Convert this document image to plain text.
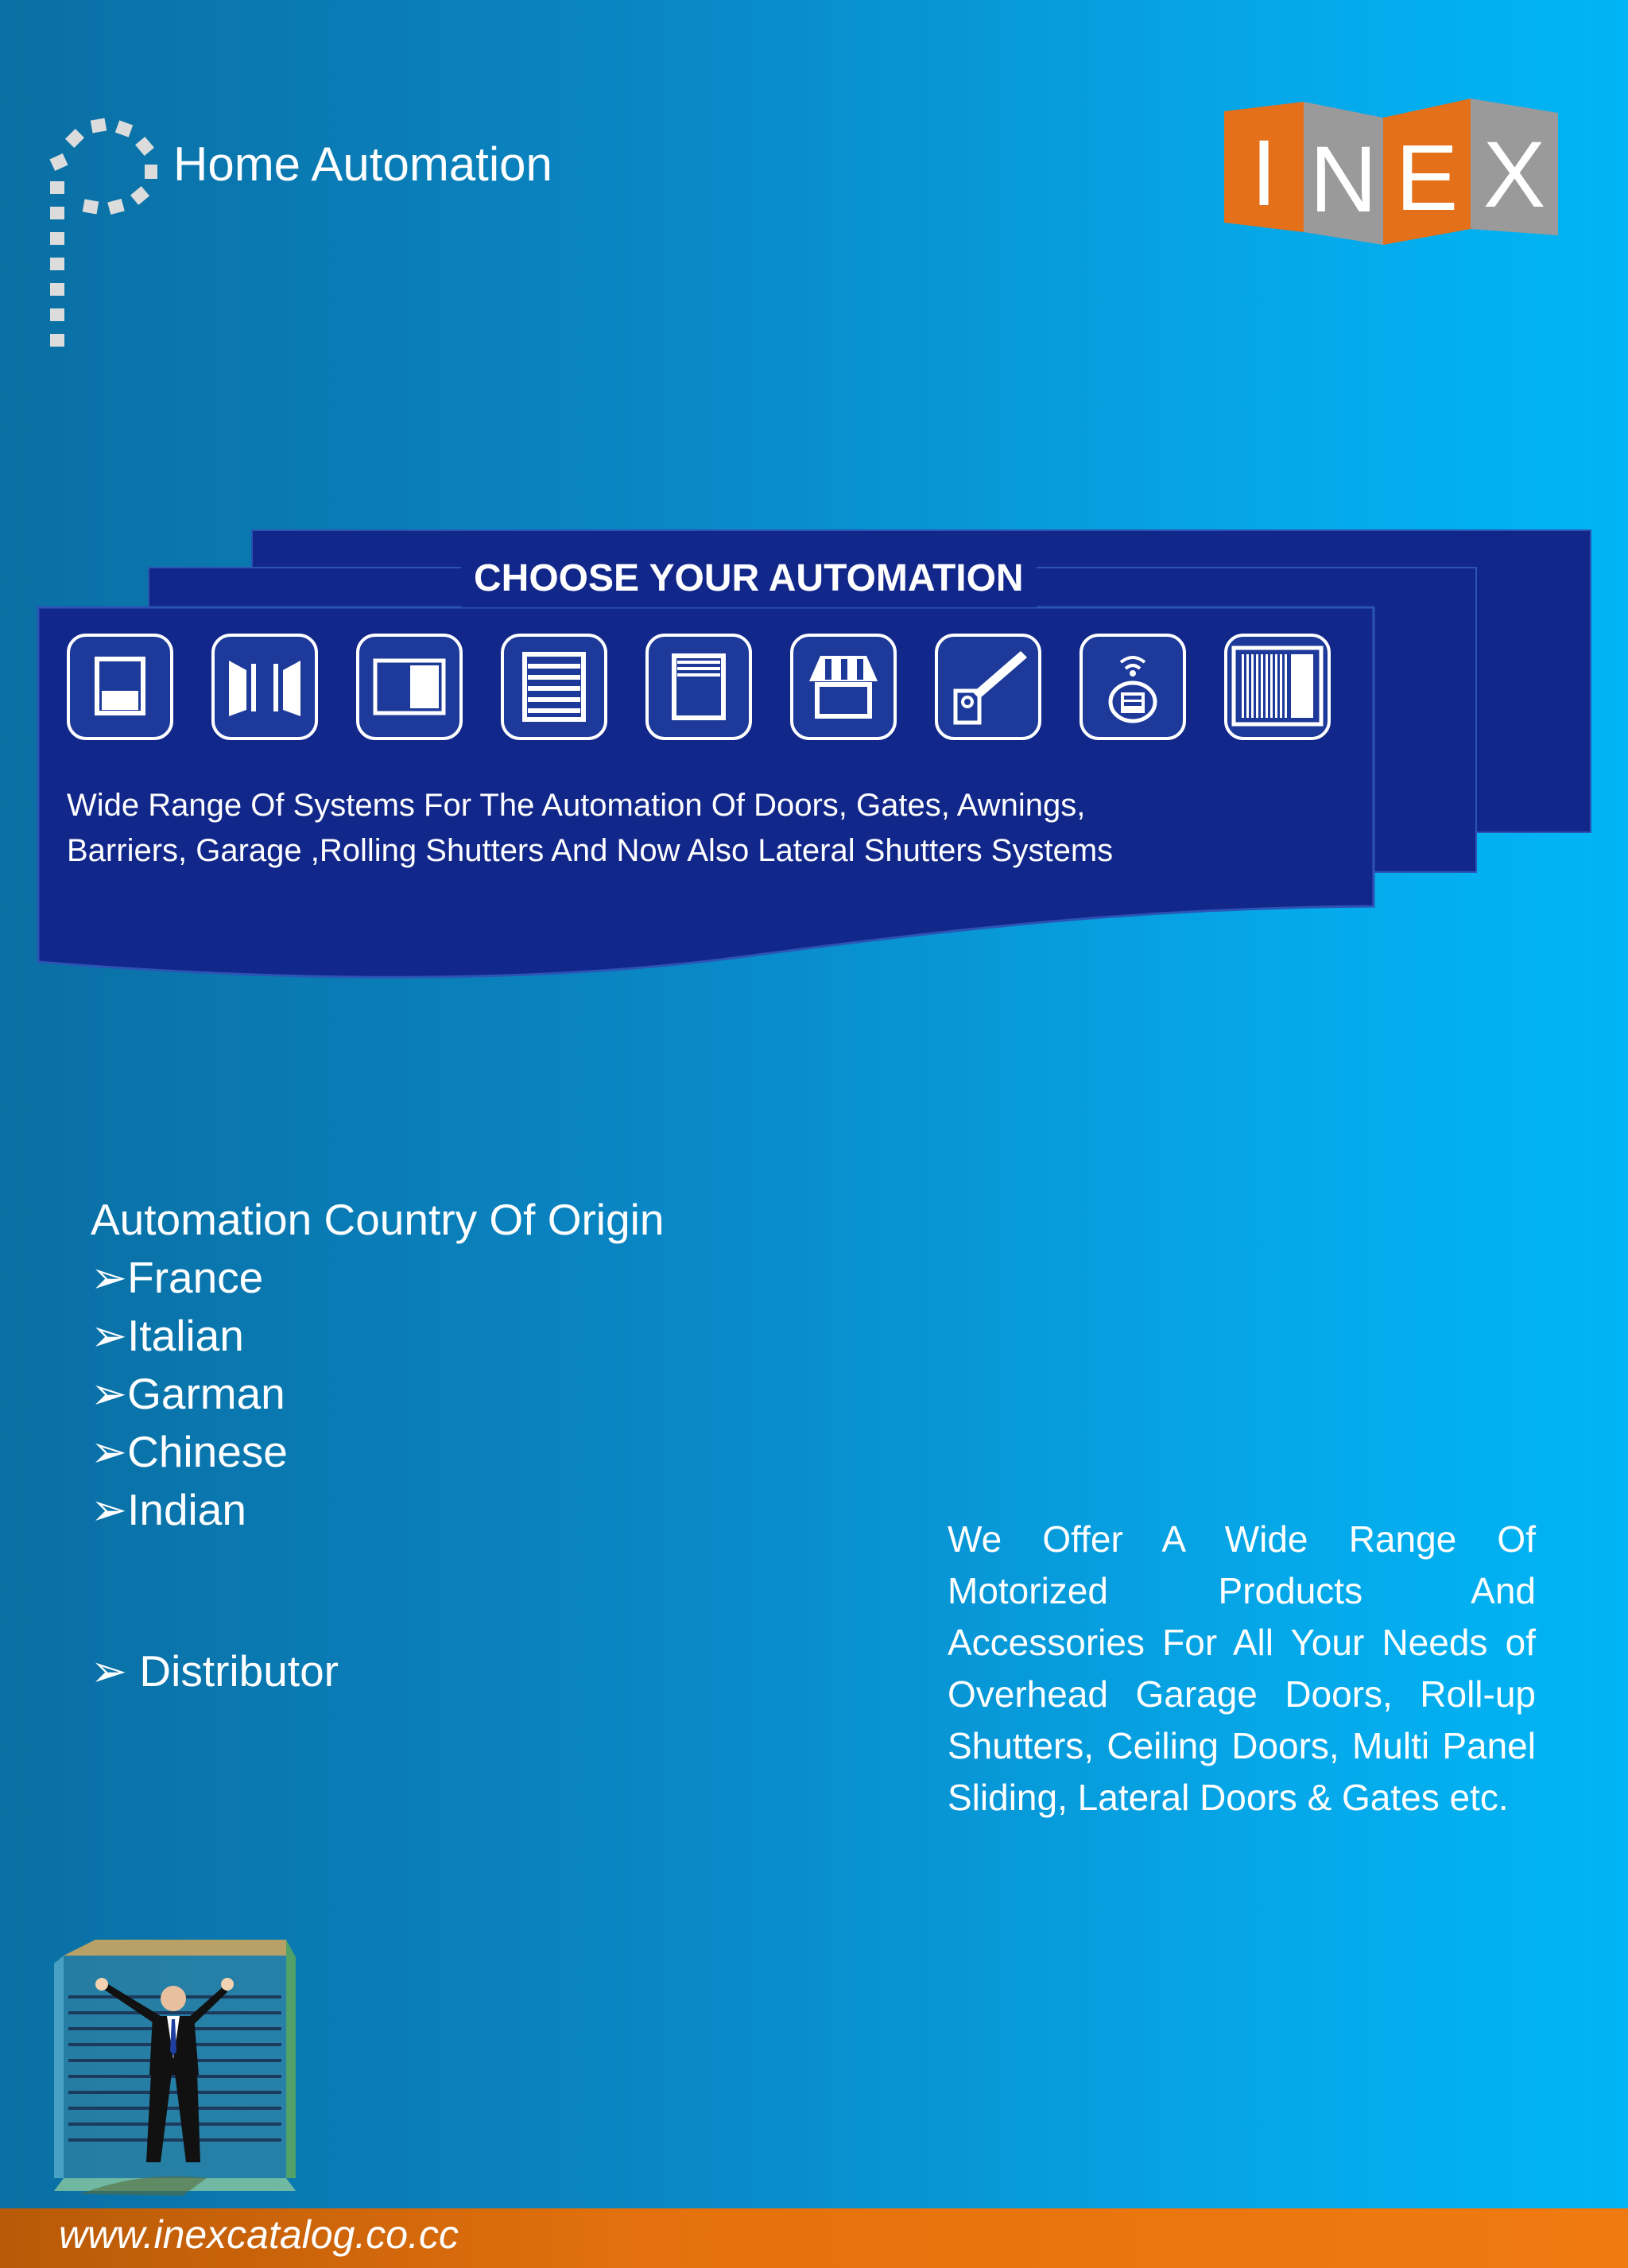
Home Automation	I N E X
CHOOSE YOUR AUTOMATION
Wide Range Of Systems For The Automation Of Doors, Gates, Awnings,
Barriers, Garage ,Rolling Shutters And Now Also Lateral Shutters Systems
Automation Country Of Origin
➢France
➢Italian
➢Garman
➢Chinese
➢Indian
➢ Distributor
We Offer A Wide Range Of Motorized Products And Accessories For All Your Needs of Overhead Garage Doors, Roll-up Shutters, Ceiling Doors, Multi Panel Sliding, Lateral Doors & Gates etc.
www.inexcatalog.co.cc
